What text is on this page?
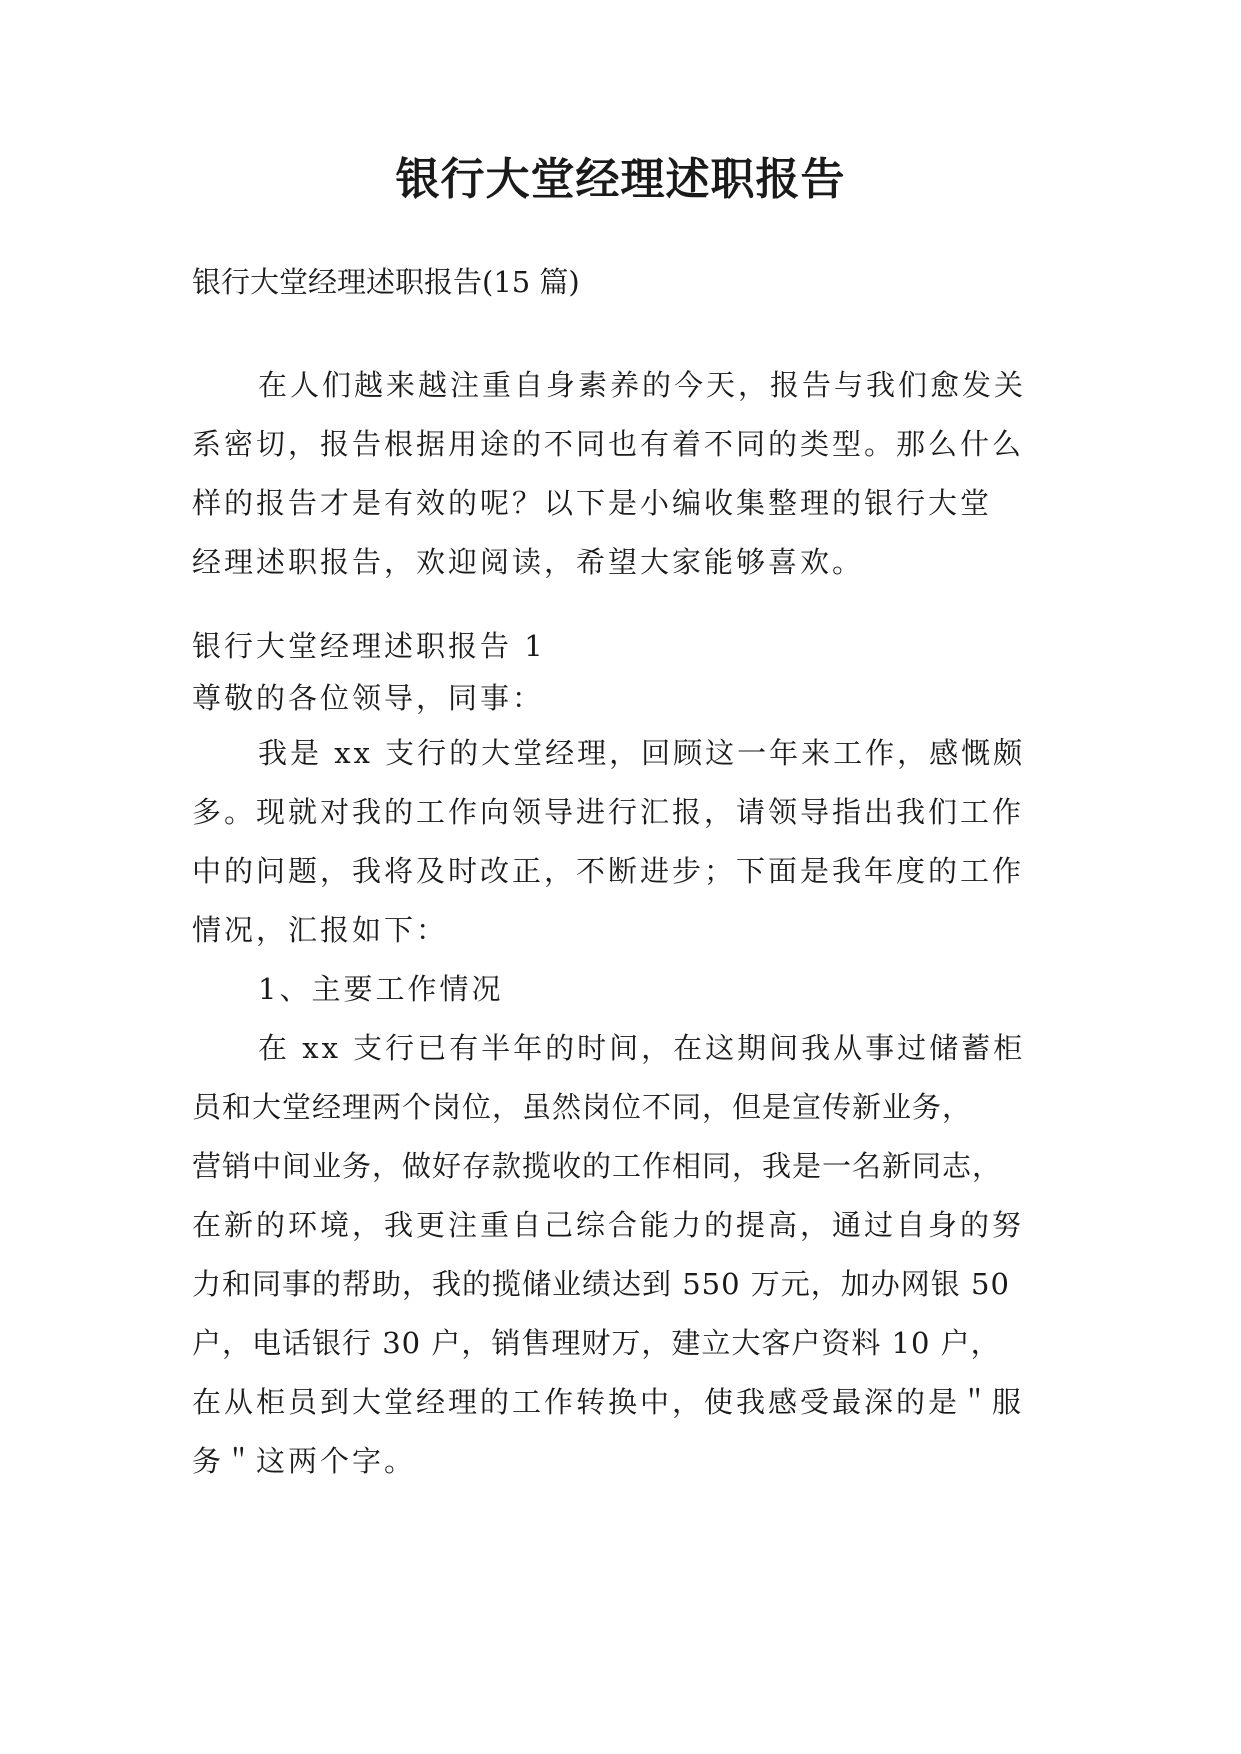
银行大堂经理述职报告

银行大堂经理述职报告(15 篇)

在人们越来越注重自身素养的今天，报告与我们愈发关
系密切，报告根据用途的不同也有着不同的类型。那么什么
样的报告才是有效的呢？以下是小编收集整理的银行大堂
经理述职报告，欢迎阅读，希望大家能够喜欢。
银行大堂经理述职报告 1
尊敬的各位领导，同事：
我是 xx 支行的大堂经理，回顾这一年来工作，感慨颇
多。现就对我的工作向领导进行汇报，请领导指出我们工作
中的问题，我将及时改正，不断进步；下面是我年度的工作
情况，汇报如下：
1、主要工作情况
在 xx 支行已有半年的时间，在这期间我从事过储蓄柜
员和大堂经理两个岗位，虽然岗位不同，但是宣传新业务，
营销中间业务，做好存款揽收的工作相同，我是一名新同志，
在新的环境，我更注重自己综合能力的提高，通过自身的努
力和同事的帮助，我的揽储业绩达到 550 万元，加办网银 50
户，电话银行 30 户，销售理财万，建立大客户资料 10 户，
在从柜员到大堂经理的工作转换中，使我感受最深的是＂服
务＂这两个字。
